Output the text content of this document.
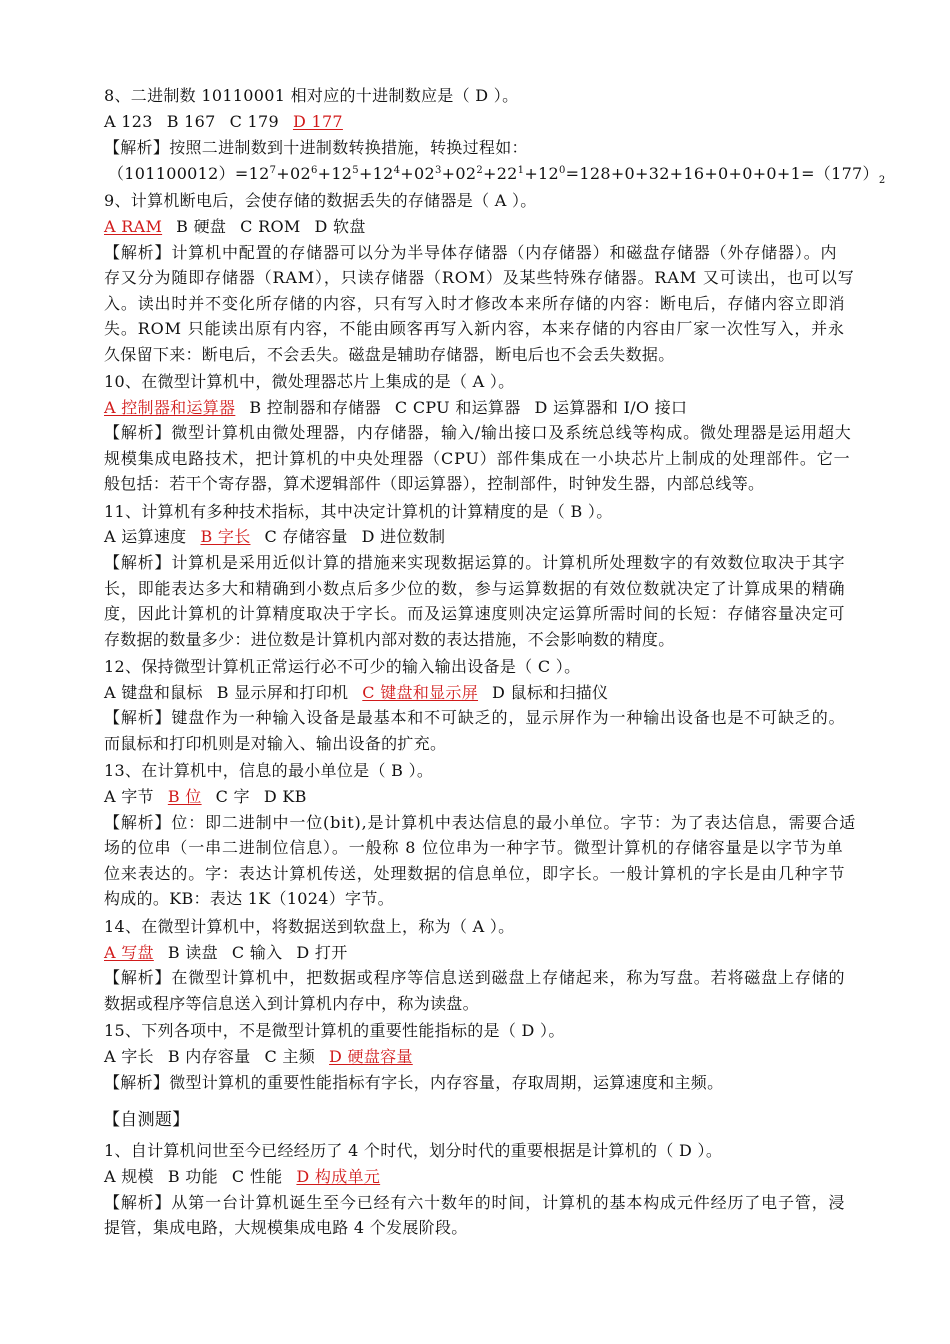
8、二进制数 10110001 相对应的十进制数应是（ D ）。
A 123 B 167 C 179 D 177
【解析】按照二进制数到十进制数转换措施，转换过程如：
$(101100012)=12^7+02^6+12^5+12^4+02^3+02^2+22^1+12^0=128+0+32+16+0+0+0+1=(177)_2$
9、计算机断电后，会使存储的数据丢失的存储器是（ A ）。
A RAM B 硬盘 C ROM D 软盘
【解析】计算机中配置的存储器可以分为半导体存储器（内存储器）和磁盘存储器（外存储器）。内
存又分为随即存储器（RAM），只读存储器（ROM）及某些特殊存储器。RAM 又可读出，也可以写
入。读出时并不变化所存储的内容，只有写入时才修改本来所存储的内容：断电后，存储内容立即消
失。ROM 只能读出原有内容，不能由顾客再写入新内容，本来存储的内容由厂家一次性写入，并永
久保留下来：断电后，不会丢失。磁盘是辅助存储器，断电后也不会丢失数据。
10、在微型计算机中，微处理器芯片上集成的是（ A ）。
A 控制器和运算器 B 控制器和存储器 C CPU 和运算器 D 运算器和 I/O 接口
【解析】微型计算机由微处理器，内存储器，输入/输出接口及系统总线等构成。微处理器是运用超大
规模集成电路技术，把计算机的中央处理器（CPU）部件集成在一小块芯片上制成的处理部件。它一
般包括：若干个寄存器，算术逻辑部件（即运算器），控制部件，时钟发生器，内部总线等。
11、计算机有多种技术指标，其中决定计算机的计算精度的是（ B ）。
A 运算速度 B 字长 C 存储容量 D 进位数制
【解析】计算机是采用近似计算的措施来实现数据运算的。计算机所处理数字的有效数位取决于其字
长，即能表达多大和精确到小数点后多少位的数，参与运算数据的有效位数就决定了计算成果的精确
度，因此计算机的计算精度取决于字长。而及运算速度则决定运算所需时间的长短：存储容量决定可
存数据的数量多少：进位数是计算机内部对数的表达措施，不会影响数的精度。
12、保持微型计算机正常运行必不可少的输入输出设备是（ C ）。
A 键盘和鼠标 B 显示屏和打印机 C 键盘和显示屏 D 鼠标和扫描仪
【解析】键盘作为一种输入设备是最基本和不可缺乏的，显示屏作为一种输出设备也是不可缺乏的。
而鼠标和打印机则是对输入、输出设备的扩充。
13、在计算机中，信息的最小单位是（ B ）。
A 字节 B 位 C 字 D KB
【解析】位：即二进制中一位(bit),是计算机中表达信息的最小单位。字节：为了表达信息，需要合适
场的位串（一串二进制位信息）。一般称 8 位位串为一种字节。微型计算机的存储容量是以字节为单
位来表达的。字：表达计算机传送，处理数据的信息单位，即字长。一般计算机的字长是由几种字节
构成的。KB：表达 1K（1024）字节。
14、在微型计算机中，将数据送到软盘上，称为（ A ）。
A 写盘 B 读盘 C 输入 D 打开
【解析】在微型计算机中，把数据或程序等信息送到磁盘上存储起来，称为写盘。若将磁盘上存储的
数据或程序等信息送入到计算机内存中，称为读盘。
15、下列各项中，不是微型计算机的重要性能指标的是（ D ）。
A 字长 B 内存容量 C 主频 D 硬盘容量
【解析】微型计算机的重要性能指标有字长，内存容量，存取周期，运算速度和主频。
【自测题】
1、自计算机问世至今已经经历了 4 个时代，划分时代的重要根据是计算机的（ D ）。
A 规模 B 功能 C 性能 D 构成单元
【解析】从第一台计算机诞生至今已经有六十数年的时间，计算机的基本构成元件经历了电子管，浸
提管，集成电路，大规模集成电路 4 个发展阶段。
